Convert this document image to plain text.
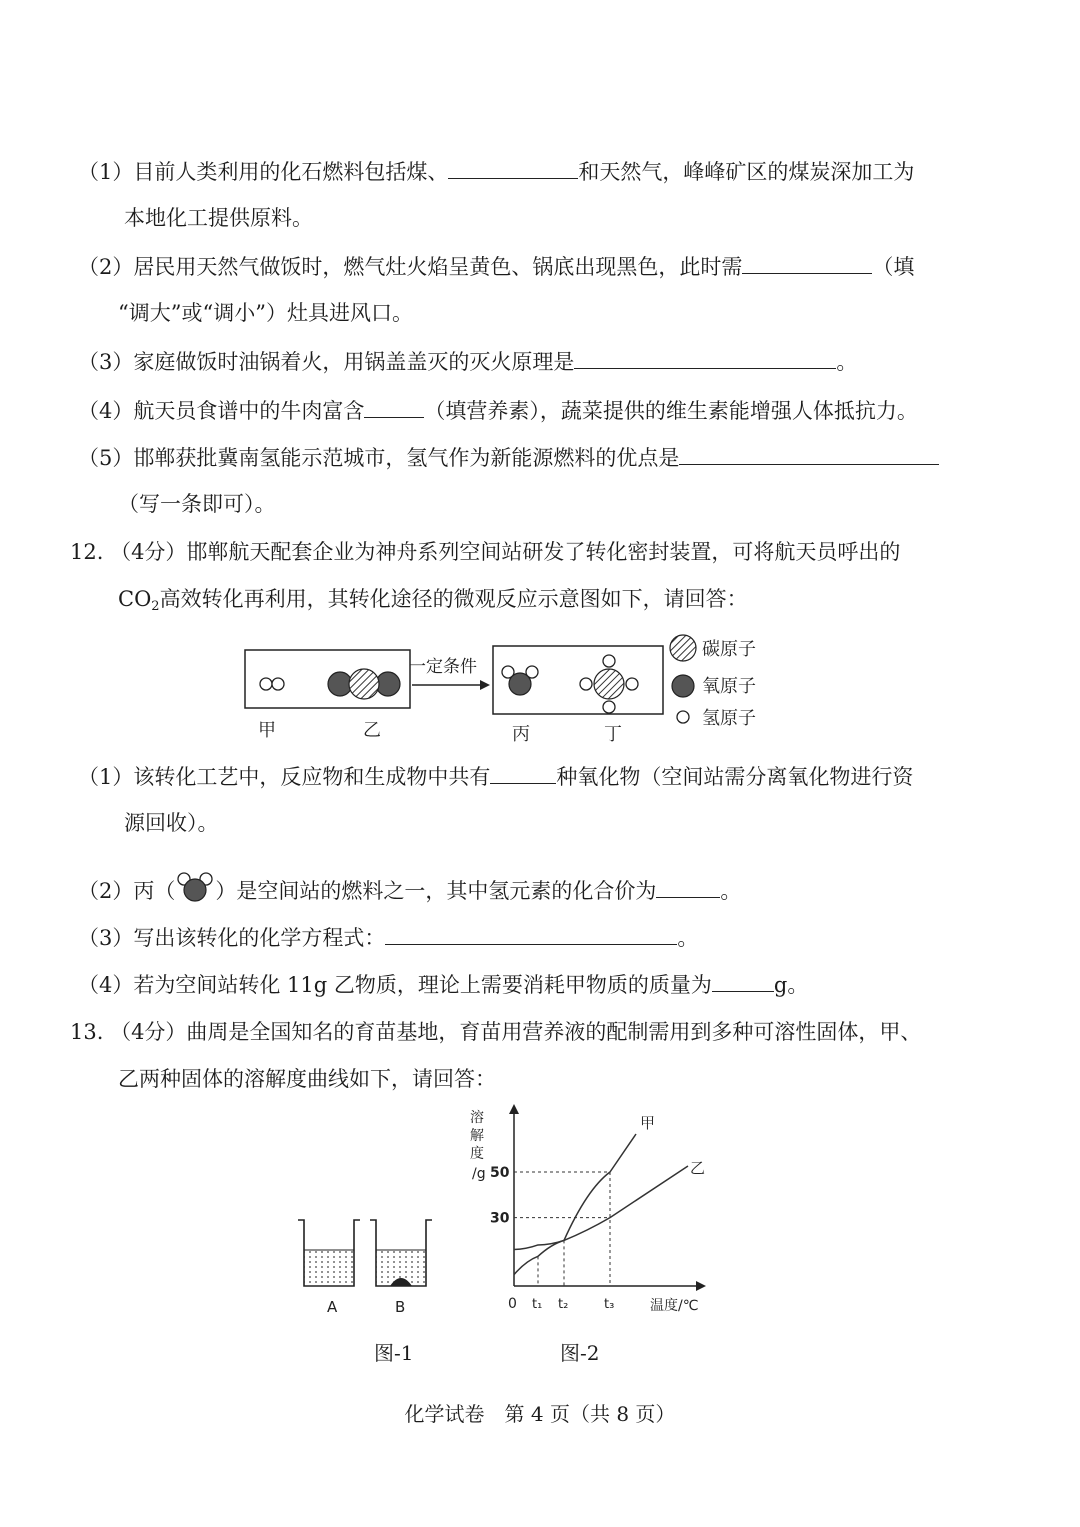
（1）目前人类利用的化石燃料包括煤、	和天然气，峰峰矿区的煤炭深加工为
本地化工提供原料。
（2）居民用天然气做饭时，燃气灶火焰呈黄色、锅底出现黑色，此时需	（填
“调大”或“调小”）灶具进风口。
（3）家庭做饭时油锅着火，用锅盖盖灭的灭火原理是	。
（4）航天员食谱中的牛肉富含	（填营养素），蔬菜提供的维生素能增强人体抵抗力。
（5）邯郸获批冀南氢能示范城市，氢气作为新能源燃料的优点是
（写一条即可）。
12. （4分）邯郸航天配套企业为神舟系列空间站研发了转化密封装置，可将航天员呼出的
$CO_2$高效转化再利用，其转化途径的微观反应示意图如下，请回答：
一定条件
甲	乙	丙	丁
碳原子
氧原子
氢原子
（1）该转化工艺中，反应物和生成物中共有	种氧化物（空间站需分离氧化物进行资
源回收）。
（2）丙（ ）是空间站的燃料之一，其中氢元素的化合价为	。
（3）写出该转化的化学方程式：	。
（4）若为空间站转化 11g 乙物质，理论上需要消耗甲物质的质量为	g。
13. （4分）曲周是全国知名的育苗基地，育苗用营养液的配制需用到多种可溶性固体，甲、
乙两种固体的溶解度曲线如下，请回答：
A	B
溶
解
度
/g
甲
乙
0 t₁ t₂	t₃
30
50
温度/℃
图-1	图-2
化学试卷　第 4 页（共 8 页）
